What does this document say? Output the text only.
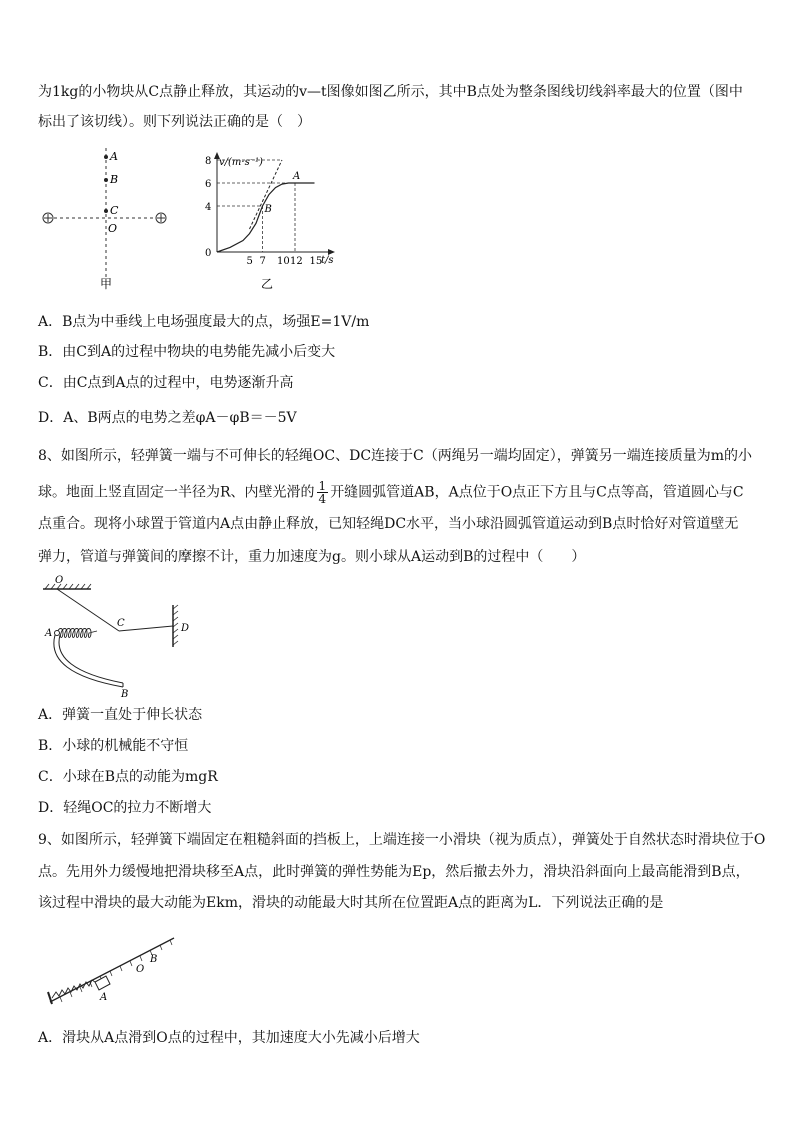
为1kg的小物块从C点静止释放，其运动的v—t图像如图乙所示，其中B点处为整条图线切线斜率最大的位置（图中
标出了该切线）。则下列说法正确的是（　）
A
B
C
O
甲
v/(m·s⁻¹)
t/s
0
5 7 10 12 15
4
6
8
A
B
乙
A．B点为中垂线上电场强度最大的点，场强E=1V/m
B．由C到A的过程中物块的电势能先减小后变大
C．由C点到A点的过程中，电势逐渐升高
D．A、B两点的电势之差φA－φB＝－5V
8、如图所示，轻弹簧一端与不可伸长的轻绳OC、DC连接于C（两绳另一端均固定），弹簧另一端连接质量为m的小
球。地面上竖直固定一半径为R、内壁光滑的 $\frac{1}{4}$ 开缝圆弧管道AB，A点位于O点正下方且与C点等高，管道圆心与C
点重合。现将小球置于管道内A点由静止释放，已知轻绳DC水平，当小球沿圆弧管道运动到B点时恰好对管道壁无
弹力，管道与弹簧间的摩擦不计，重力加速度为g。则小球从A运动到B的过程中（　　）
O
D
C
A
B
A．弹簧一直处于伸长状态
B．小球的机械能不守恒
C．小球在B点的动能为mgR
D．轻绳OC的拉力不断增大
9、如图所示，轻弹簧下端固定在粗糙斜面的挡板上，上端连接一小滑块（视为质点），弹簧处于自然状态时滑块位于O
点。先用外力缓慢地把滑块移至A点，此时弹簧的弹性势能为Ep，然后撤去外力，滑块沿斜面向上最高能滑到B点，
该过程中滑块的最大动能为Ekm，滑块的动能最大时其所在位置距A点的距离为L．下列说法正确的是
A
O
B
A．滑块从A点滑到O点的过程中，其加速度大小先减小后增大
